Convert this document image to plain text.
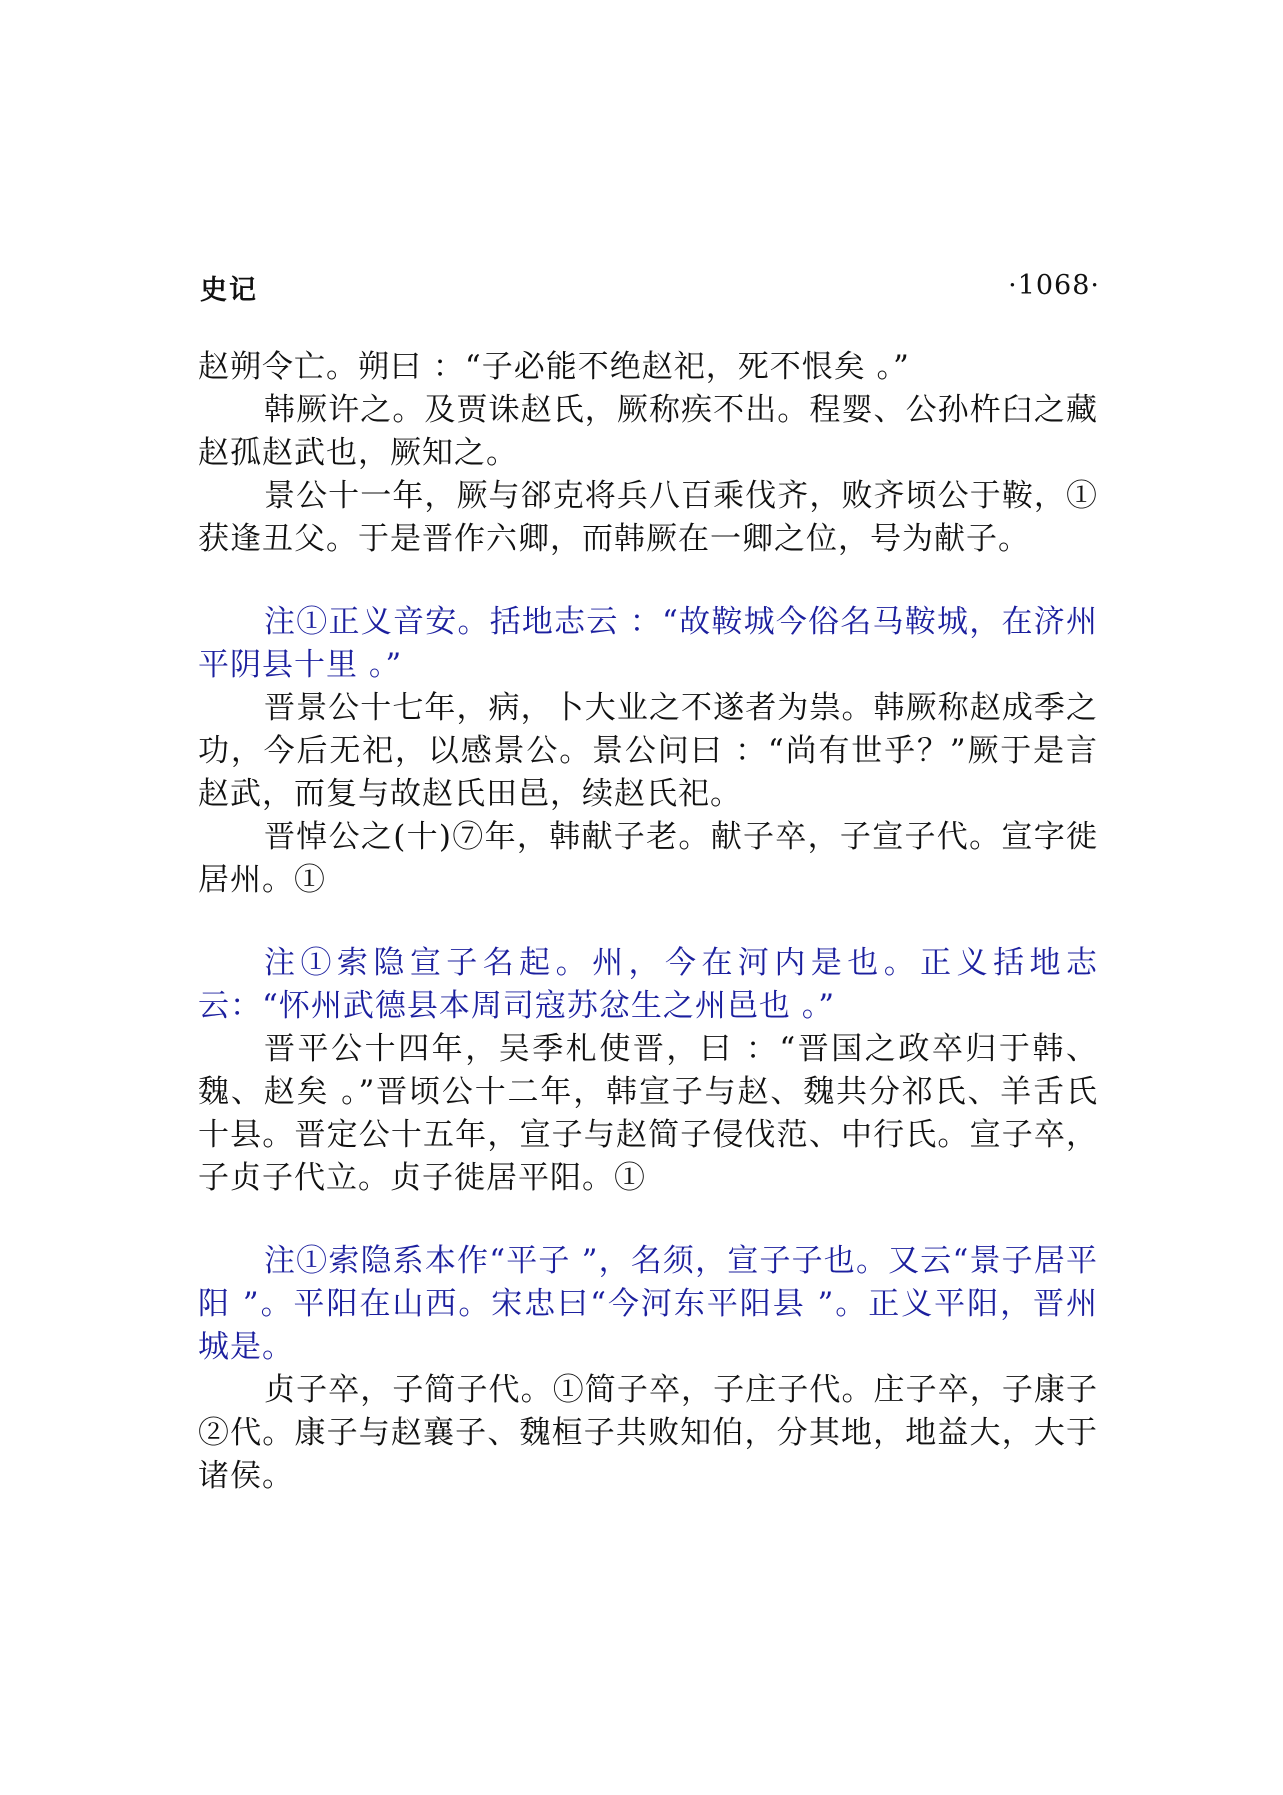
史记	·1068·

赵朔令亡。朔曰 ：“子必能不绝赵祀，死不恨矣 。”

韩厥许之。及贾诛赵氏，厥称疾不出。程婴、公孙杵臼之藏赵孤赵武也，厥知之。

景公十一年，厥与郤克将兵八百乘伐齐，败齐顷公于鞍，①获逢丑父。于是晋作六卿，而韩厥在一卿之位，号为献子。

注①正义音安。括地志云 ：“故鞍城今俗名马鞍城，在济州平阴县十里 。”

晋景公十七年，病，卜大业之不遂者为祟。韩厥称赵成季之功，今后无祀，以感景公。景公问曰 ：“尚有世乎？”厥于是言赵武，而复与故赵氏田邑，续赵氏祀。

晋悼公之(十)⑦年，韩献子老。献子卒，子宣子代。宣字徙居州。①

注①索隐宣子名起。州，今在河内是也。正义括地志云：“怀州武德县本周司寇苏忿生之州邑也 。”

晋平公十四年，吴季札使晋，曰 ：“晋国之政卒归于韩、魏、赵矣 。”晋顷公十二年，韩宣子与赵、魏共分祁氏、羊舌氏十县。晋定公十五年，宣子与赵简子侵伐范、中行氏。宣子卒，子贞子代立。贞子徙居平阳。①

注①索隐系本作“平子 ”，名须，宣子子也。又云“景子居平阳 ”。平阳在山西。宋忠曰“今河东平阳县 ”。正义平阳，晋州城是。

贞子卒，子简子代。①简子卒，子庄子代。庄子卒，子康子②代。康子与赵襄子、魏桓子共败知伯，分其地，地益大，大于诸侯。
